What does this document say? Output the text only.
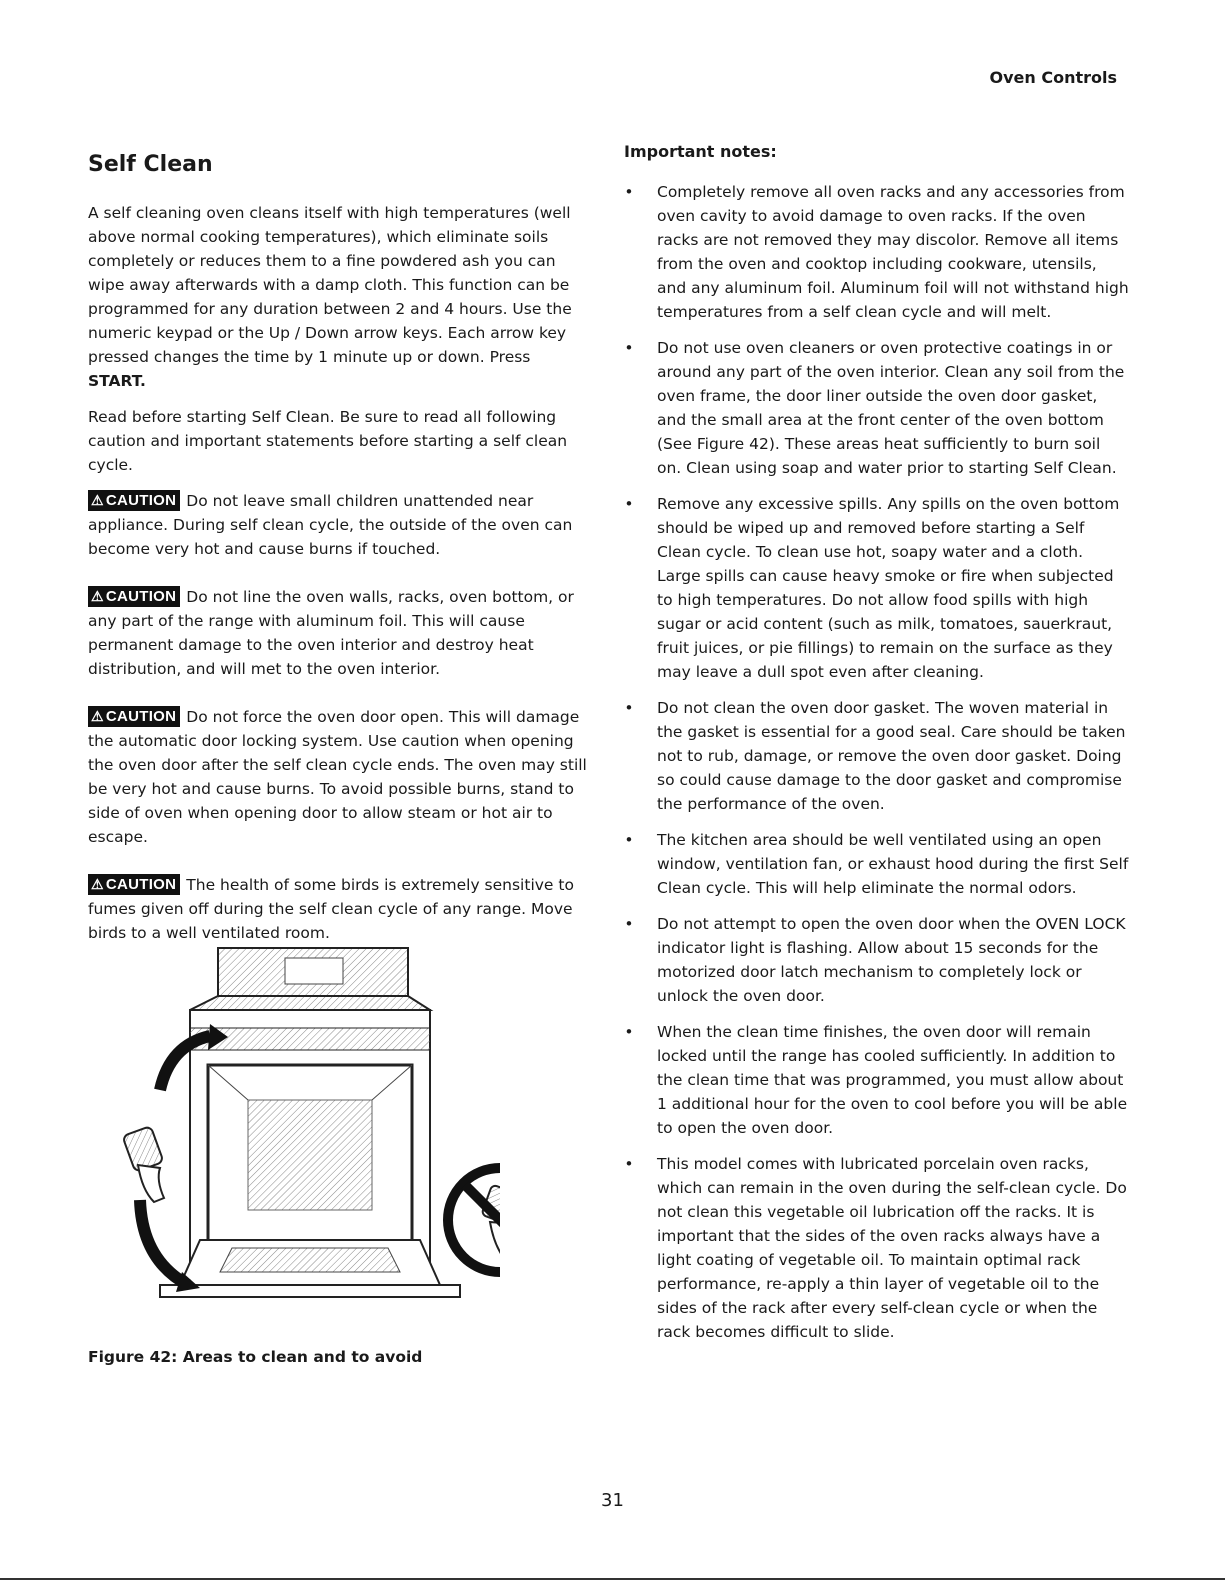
Oven Controls
Self Clean

A self cleaning oven cleans itself with high temperatures (well above normal cooking temperatures), which eliminate soils completely or reduces them to a fine powdered ash you can wipe away afterwards with a damp cloth. This function can be programmed for any duration between 2 and 4 hours. Use the numeric keypad or the Up / Down arrow keys. Each arrow key pressed changes the time by 1 minute up or down. Press START.

Read before starting Self Clean. Be sure to read all following caution and important statements before starting a self clean cycle.

⚠ CAUTION Do not leave small children unattended near appliance. During self clean cycle, the outside of the oven can become very hot and cause burns if touched.

⚠ CAUTION Do not line the oven walls, racks, oven bottom, or any part of the range with aluminum foil. This will cause permanent damage to the oven interior and destroy heat distribution, and will met to the oven interior.

⚠ CAUTION Do not force the oven door open. This will damage the automatic door locking system. Use caution when opening the oven door after the self clean cycle ends. The oven may still be very hot and cause burns. To avoid possible burns, stand to side of oven when opening door to allow steam or hot air to escape.

⚠ CAUTION The health of some birds is extremely sensitive to fumes given off during the self clean cycle of any range. Move birds to a well ventilated room.

Figure 42: Areas to clean and to avoid
Important notes:
• Completely remove all oven racks and any accessories from oven cavity to avoid damage to oven racks. If the oven racks are not removed they may discolor. Remove all items from the oven and cooktop including cookware, utensils, and any aluminum foil. Aluminum foil will not withstand high temperatures from a self clean cycle and will melt.
• Do not use oven cleaners or oven protective coatings in or around any part of the oven interior. Clean any soil from the oven frame, the door liner outside the oven door gasket, and the small area at the front center of the oven bottom (See Figure 42). These areas heat sufficiently to burn soil on. Clean using soap and water prior to starting Self Clean.
• Remove any excessive spills. Any spills on the oven bottom should be wiped up and removed before starting a Self Clean cycle. To clean use hot, soapy water and a cloth. Large spills can cause heavy smoke or fire when subjected to high temperatures. Do not allow food spills with high sugar or acid content (such as milk, tomatoes, sauerkraut, fruit juices, or pie fillings) to remain on the surface as they may leave a dull spot even after cleaning.
• Do not clean the oven door gasket. The woven material in the gasket is essential for a good seal. Care should be taken not to rub, damage, or remove the oven door gasket. Doing so could cause damage to the door gasket and compromise the performance of the oven.
• The kitchen area should be well ventilated using an open window, ventilation fan, or exhaust hood during the first Self Clean cycle. This will help eliminate the normal odors.
• Do not attempt to open the oven door when the OVEN LOCK indicator light is flashing. Allow about 15 seconds for the motorized door latch mechanism to completely lock or unlock the oven door.
• When the clean time finishes, the oven door will remain locked until the range has cooled sufficiently. In addition to the clean time that was programmed, you must allow about 1 additional hour for the oven to cool before you will be able to open the oven door.
• This model comes with lubricated porcelain oven racks, which can remain in the oven during the self-clean cycle. Do not clean this vegetable oil lubrication off the racks. It is important that the sides of the oven racks always have a light coating of vegetable oil. To maintain optimal rack performance, re-apply a thin layer of vegetable oil to the sides of the rack after every self-clean cycle or when the rack becomes difficult to slide.
31
